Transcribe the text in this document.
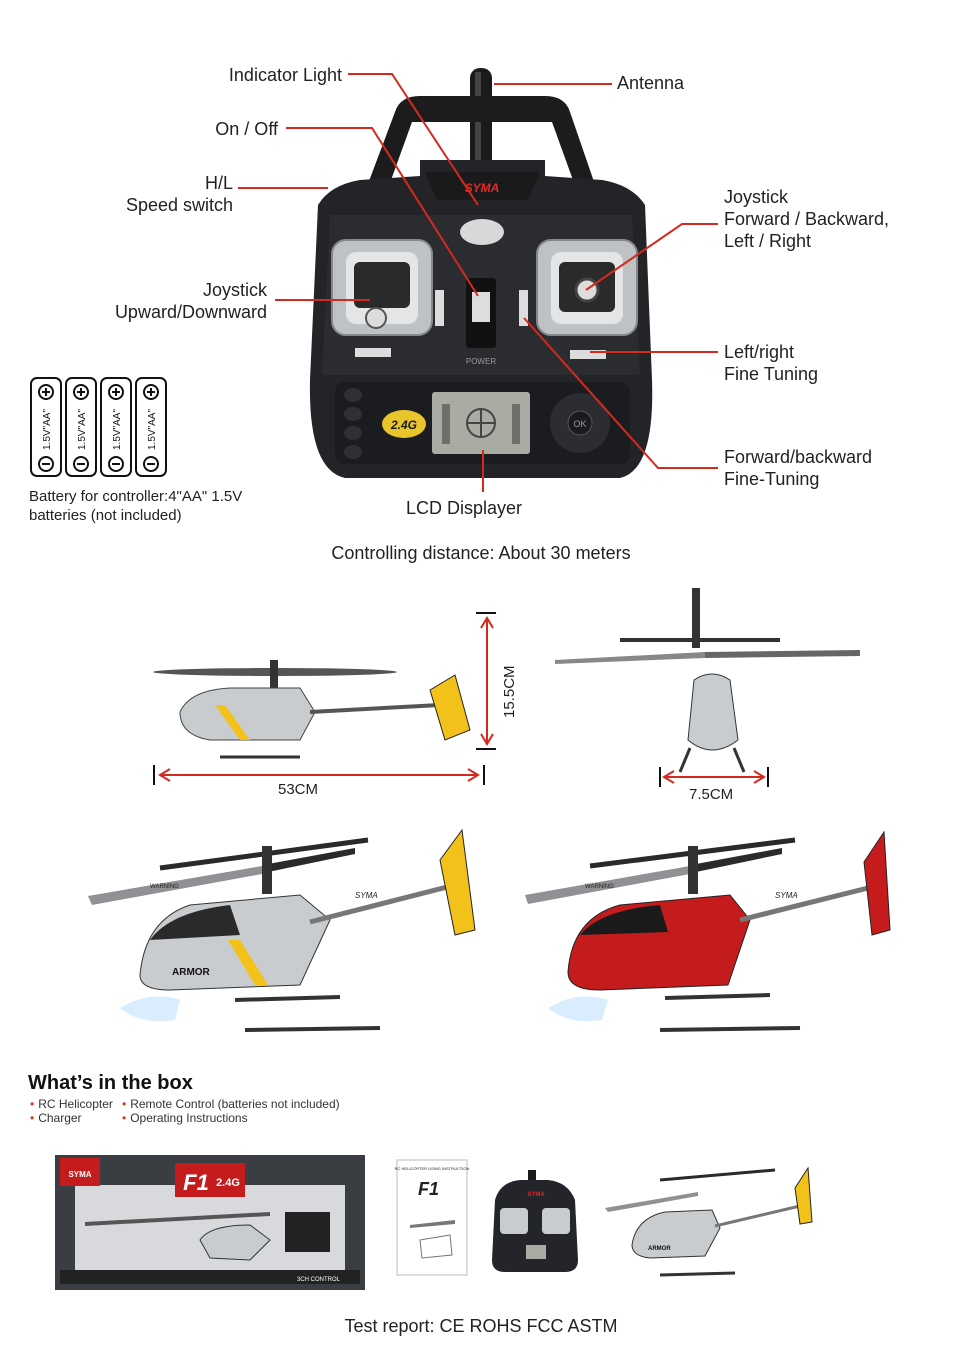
SYMA
POWER
2.4G	OK
1.5V"AA" 1.5V"AA" 1.5V"AA" 1.5V"AA"
15.5CM
ARMOR
WARNING
SYMA
WARNING
SYMA
SYMA	F1 2.4G
3CH CONTROL
RC HELICOPTER USING INSTRUCTION
F1	SYMA
ARMOR
Indicator Light	Antenna
On / Off
H/L
Speed switch	Joystick
Forward / Backward,
Left / Right
Joystick
Upward/Downward
Left/right
Fine Tuning
Forward/backward
Fine-Tuning
LCD Displayer
Battery for controller:4"AA" 1.5V
batteries (not included)
Controlling distance: About 30 meters
53CM	7.5CM
What’s in the box
• RC Helicopter • Remote Control (batteries not included)
• Charger	• Operating Instructions
Test report: CE ROHS FCC ASTM
